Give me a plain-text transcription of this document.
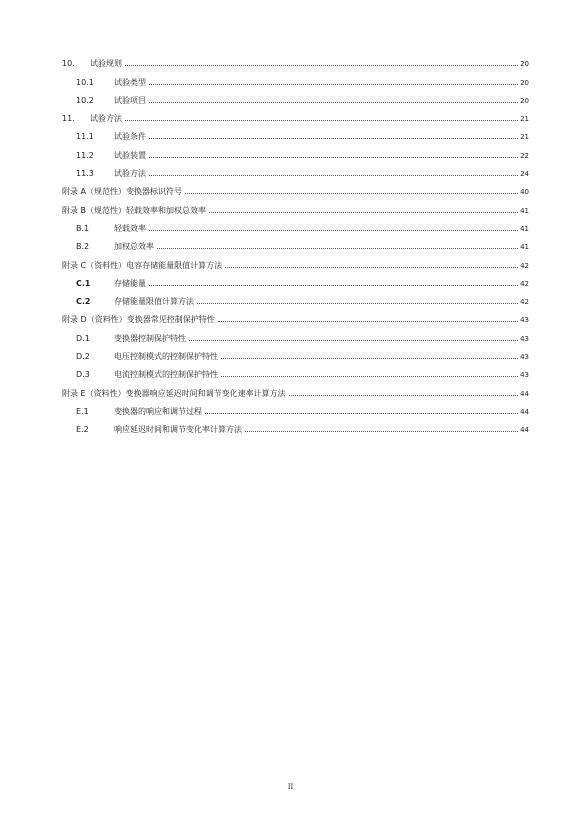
10.	试验规则	20
10.1	试验类型	20
10.2	试验项目	20
11.	试验方法	21
11.1	试验条件	21
11.2	试验装置	22
11.3	试验方法	24
附录 A（规范性）变换器标识符号	40
附录 B（规范性）轻载效率和加权总效率	41
B.1	轻载效率	41
B.2	加权总效率	41
附录 C（资料性）电容存储能量限值计算方法	42
C.1	存储能量	42
C.2	存储能量限值计算方法	42
附录 D（资料性）变换器常见控制保护特性	43
D.1	变换器控制保护特性	43
D.2	电压控制模式的控制保护特性	43
D.3	电流控制模式的控制保护特性	43
附录 E（资料性）变换器响应延迟时间和调节变化速率计算方法	44
E.1	变换器的响应和调节过程	44
E.2	响应延迟时间和调节变化率计算方法	44
II
